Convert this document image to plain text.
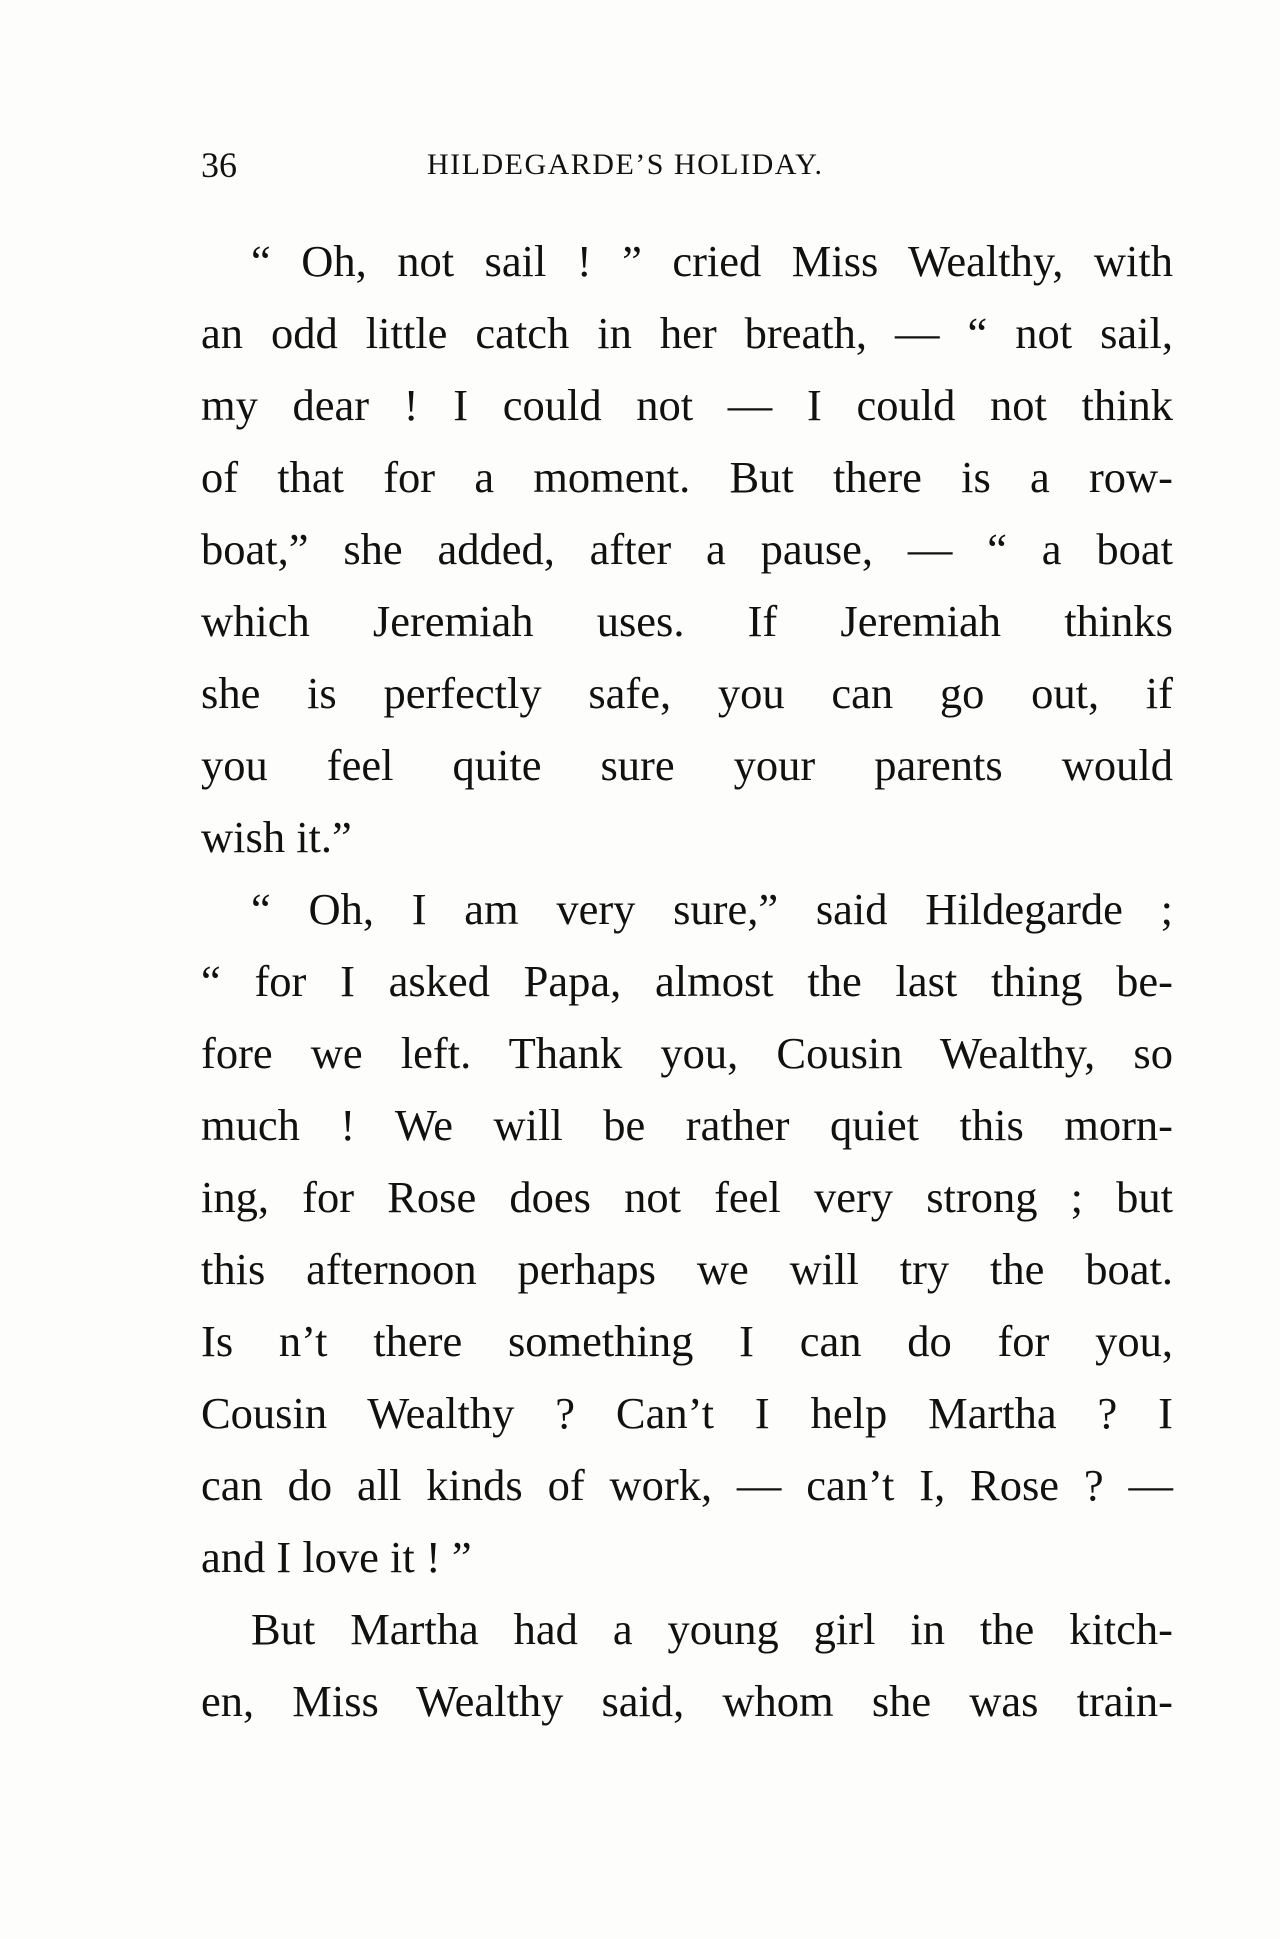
36	HILDEGARDE’S HOLIDAY.
“ Oh, not sail ! ” cried Miss Wealthy, with
an odd little catch in her breath, — “ not sail,
my dear ! I could not — I could not think
of that for a moment. But there is a row-
boat,” she added, after a pause, — “ a boat
which Jeremiah uses. If Jeremiah thinks
she is perfectly safe, you can go out, if
you feel quite sure your parents would
wish it.”
“ Oh, I am very sure,” said Hildegarde ;
“ for I asked Papa, almost the last thing be-
fore we left. Thank you, Cousin Wealthy, so
much ! We will be rather quiet this morn-
ing, for Rose does not feel very strong ; but
this afternoon perhaps we will try the boat.
Is n’t there something I can do for you,
Cousin Wealthy ? Can’t I help Martha ? I
can do all kinds of work, — can’t I, Rose ? —
and I love it ! ”
But Martha had a young girl in the kitch-
en, Miss Wealthy said, whom she was train-
